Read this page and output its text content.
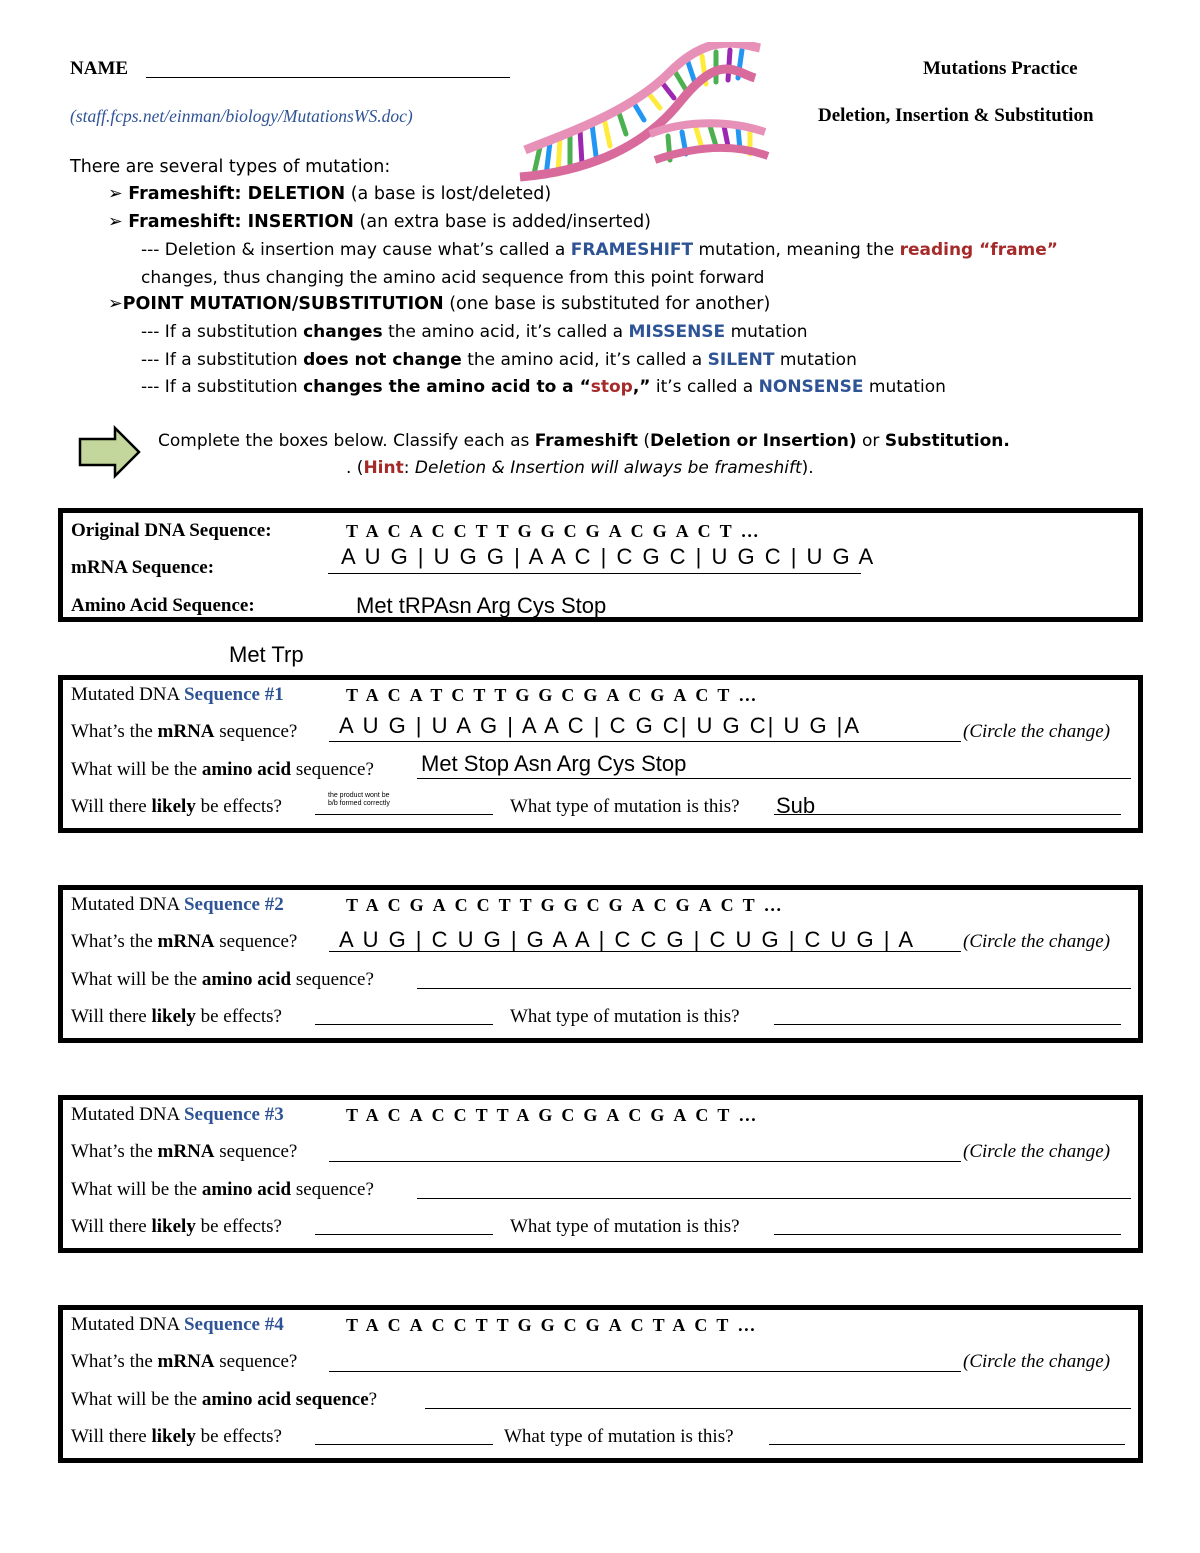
NAME	Mutations Practice
(staff.fcps.net/einman/biology/MutationsWS.doc)	Deletion, Insertion & Substitution
There are several types of mutation:
➢ Frameshift: DELETION (a base is lost/deleted)
➢ Frameshift: INSERTION (an extra base is added/inserted)
--- Deletion & insertion may cause what’s called a FRAMESHIFT mutation, meaning the reading “frame”
changes, thus changing the amino acid sequence from this point forward
➢POINT MUTATION/SUBSTITUTION (one base is substituted for another)
--- If a substitution changes the amino acid, it’s called a MISSENSE mutation
--- If a substitution does not change the amino acid, it’s called a SILENT mutation
--- If a substitution changes the amino acid to a “stop,” it’s called a NONSENSE mutation
Complete the boxes below. Classify each as Frameshift (Deletion or Insertion) or Substitution.
. (Hint: Deletion & Insertion will always be frameshift).
Original DNA Sequence:	TACACCTTGGCGACGACT…
mRNA Sequence:	A U G | U G G | A A C | C G C | U G C | U G A
Amino Acid Sequence:	Met tRPAsn Arg Cys Stop
Met Trp
Mutated DNA Sequence #1	TACATCTTGGCGACGACT…
What’s the mRNA sequence? A U G | U A G | A A C | C G C| U G C| U G |A	(Circle the change)
What will be the amino acid sequence? Met Stop Asn Arg Cys Stop
Will there likely be effects?
the product wont be
b/b formed correctly	What type of mutation is this? Sub
Mutated DNA Sequence #2	TACGACCTTGGCGACGACT…
What’s the mRNA sequence? A U G | C U G | G A A | C C G | C U G | C U G | A	(Circle the change)
What will be the amino acid sequence?
Will there likely be effects?	What type of mutation is this?
Mutated DNA Sequence #3	TACACCTTAGCGACGACT…
What’s the mRNA sequence?	(Circle the change)
What will be the amino acid sequence?
Will there likely be effects?	What type of mutation is this?
Mutated DNA Sequence #4	TACACCTTGGCGACTACT…
What’s the mRNA sequence?	(Circle the change)
What will be the amino acid sequence?
Will there likely be effects?	What type of mutation is this?
